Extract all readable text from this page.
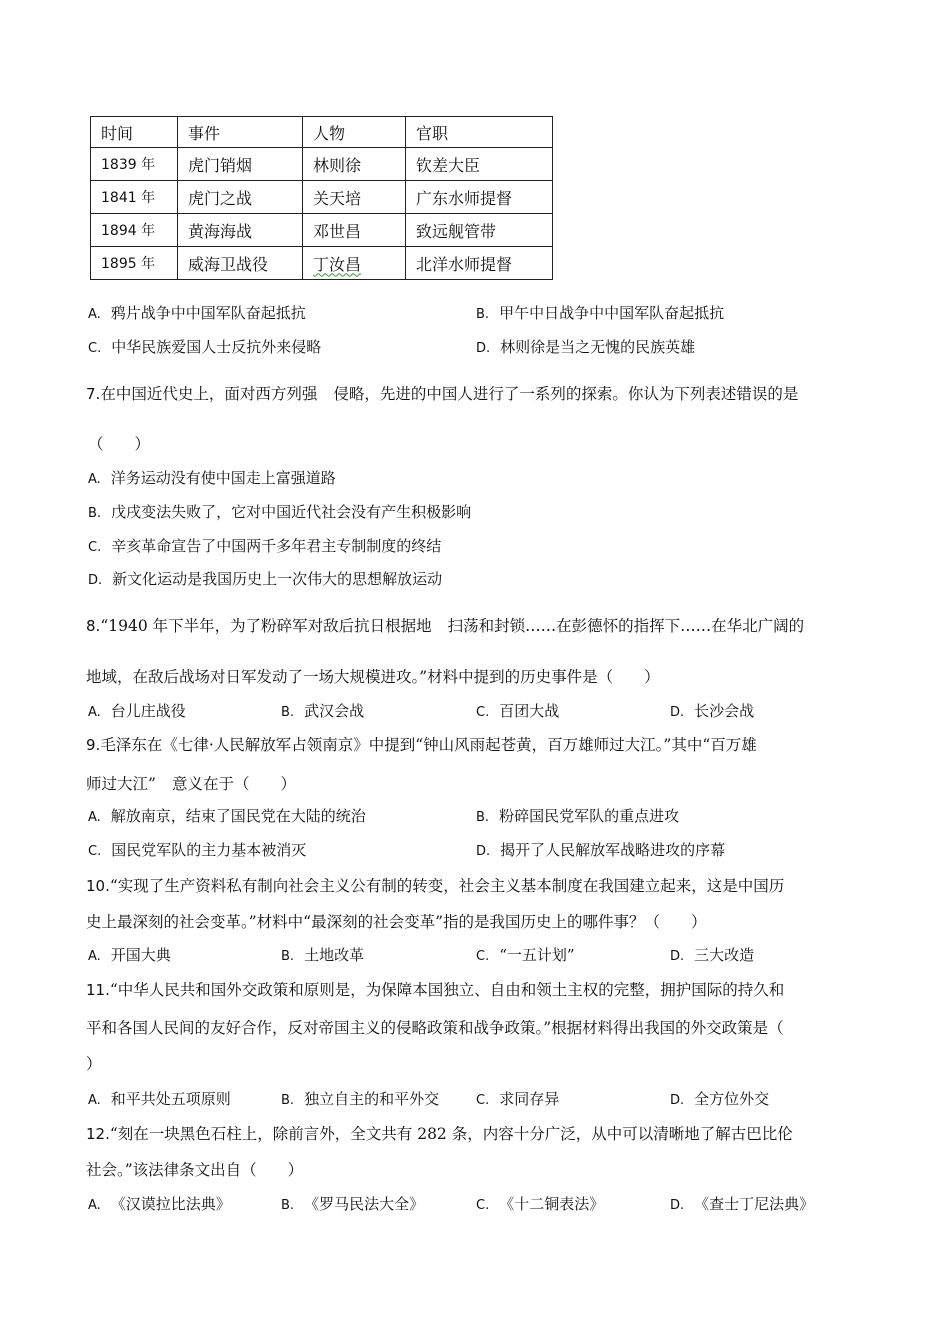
时间	事件	人物	官职
1839 年	虎门销烟	林则徐	钦差大臣
1841 年	虎门之战	关天培	广东水师提督
1894 年	黄海海战	邓世昌	致远舰管带
1895 年	威海卫战役	丁汝昌	北洋水师提督
A. 鸦片战争中中国军队奋起抵抗	B. 甲午中日战争中中国军队奋起抵抗
C. 中华民族爱国人士反抗外来侵略	D. 林则徐是当之无愧的民族英雄
7.在中国近代史上，面对西方列强 侵略，先进的中国人进行了一系列的探索。你认为下列表述错误的是
（　　）
A. 洋务运动没有使中国走上富强道路
B. 戊戌变法失败了，它对中国近代社会没有产生积极影响
C. 辛亥革命宣告了中国两千多年君主专制制度的终结
D. 新文化运动是我国历史上一次伟大的思想解放运动
8.“1940 年下半年，为了粉碎军对敌后抗日根据地 扫荡和封锁……在彭德怀的指挥下……在华北广阔的
地域，在敌后战场对日军发动了一场大规模进攻。”材料中提到的历史事件是（　　）
A. 台儿庄战役	B. 武汉会战	C. 百团大战	D. 长沙会战
9.毛泽东在《七律·人民解放军占领南京》中提到“钟山风雨起苍黄，百万雄师过大江。”其中“百万雄
师过大江” 意义在于（　　）
A. 解放南京，结束了国民党在大陆的统治	B. 粉碎国民党军队的重点进攻
C. 国民党军队的主力基本被消灭	D. 揭开了人民解放军战略进攻的序幕
10.“实现了生产资料私有制向社会主义公有制的转变，社会主义基本制度在我国建立起来，这是中国历
史上最深刻的社会变革。”材料中“最深刻的社会变革”指的是我国历史上的哪件事？（　　）
A. 开国大典	B. 土地改革	C. “一五计划”	D. 三大改造
11.“中华人民共和国外交政策和原则是，为保障本国独立、自由和领土主权的完整，拥护国际的持久和
平和各国人民间的友好合作，反对帝国主义的侵略政策和战争政策。”根据材料得出我国的外交政策是（
）
A. 和平共处五项原则	B. 独立自主的和平外交	C. 求同存异	D. 全方位外交
12.“刻在一块黑色石柱上，除前言外，全文共有 282 条，内容十分广泛，从中可以清晰地了解古巴比伦
社会。”该法律条文出自（　　）
A. 《汉谟拉比法典》	B. 《罗马民法大全》	C. 《十二铜表法》	D. 《查士丁尼法典》
